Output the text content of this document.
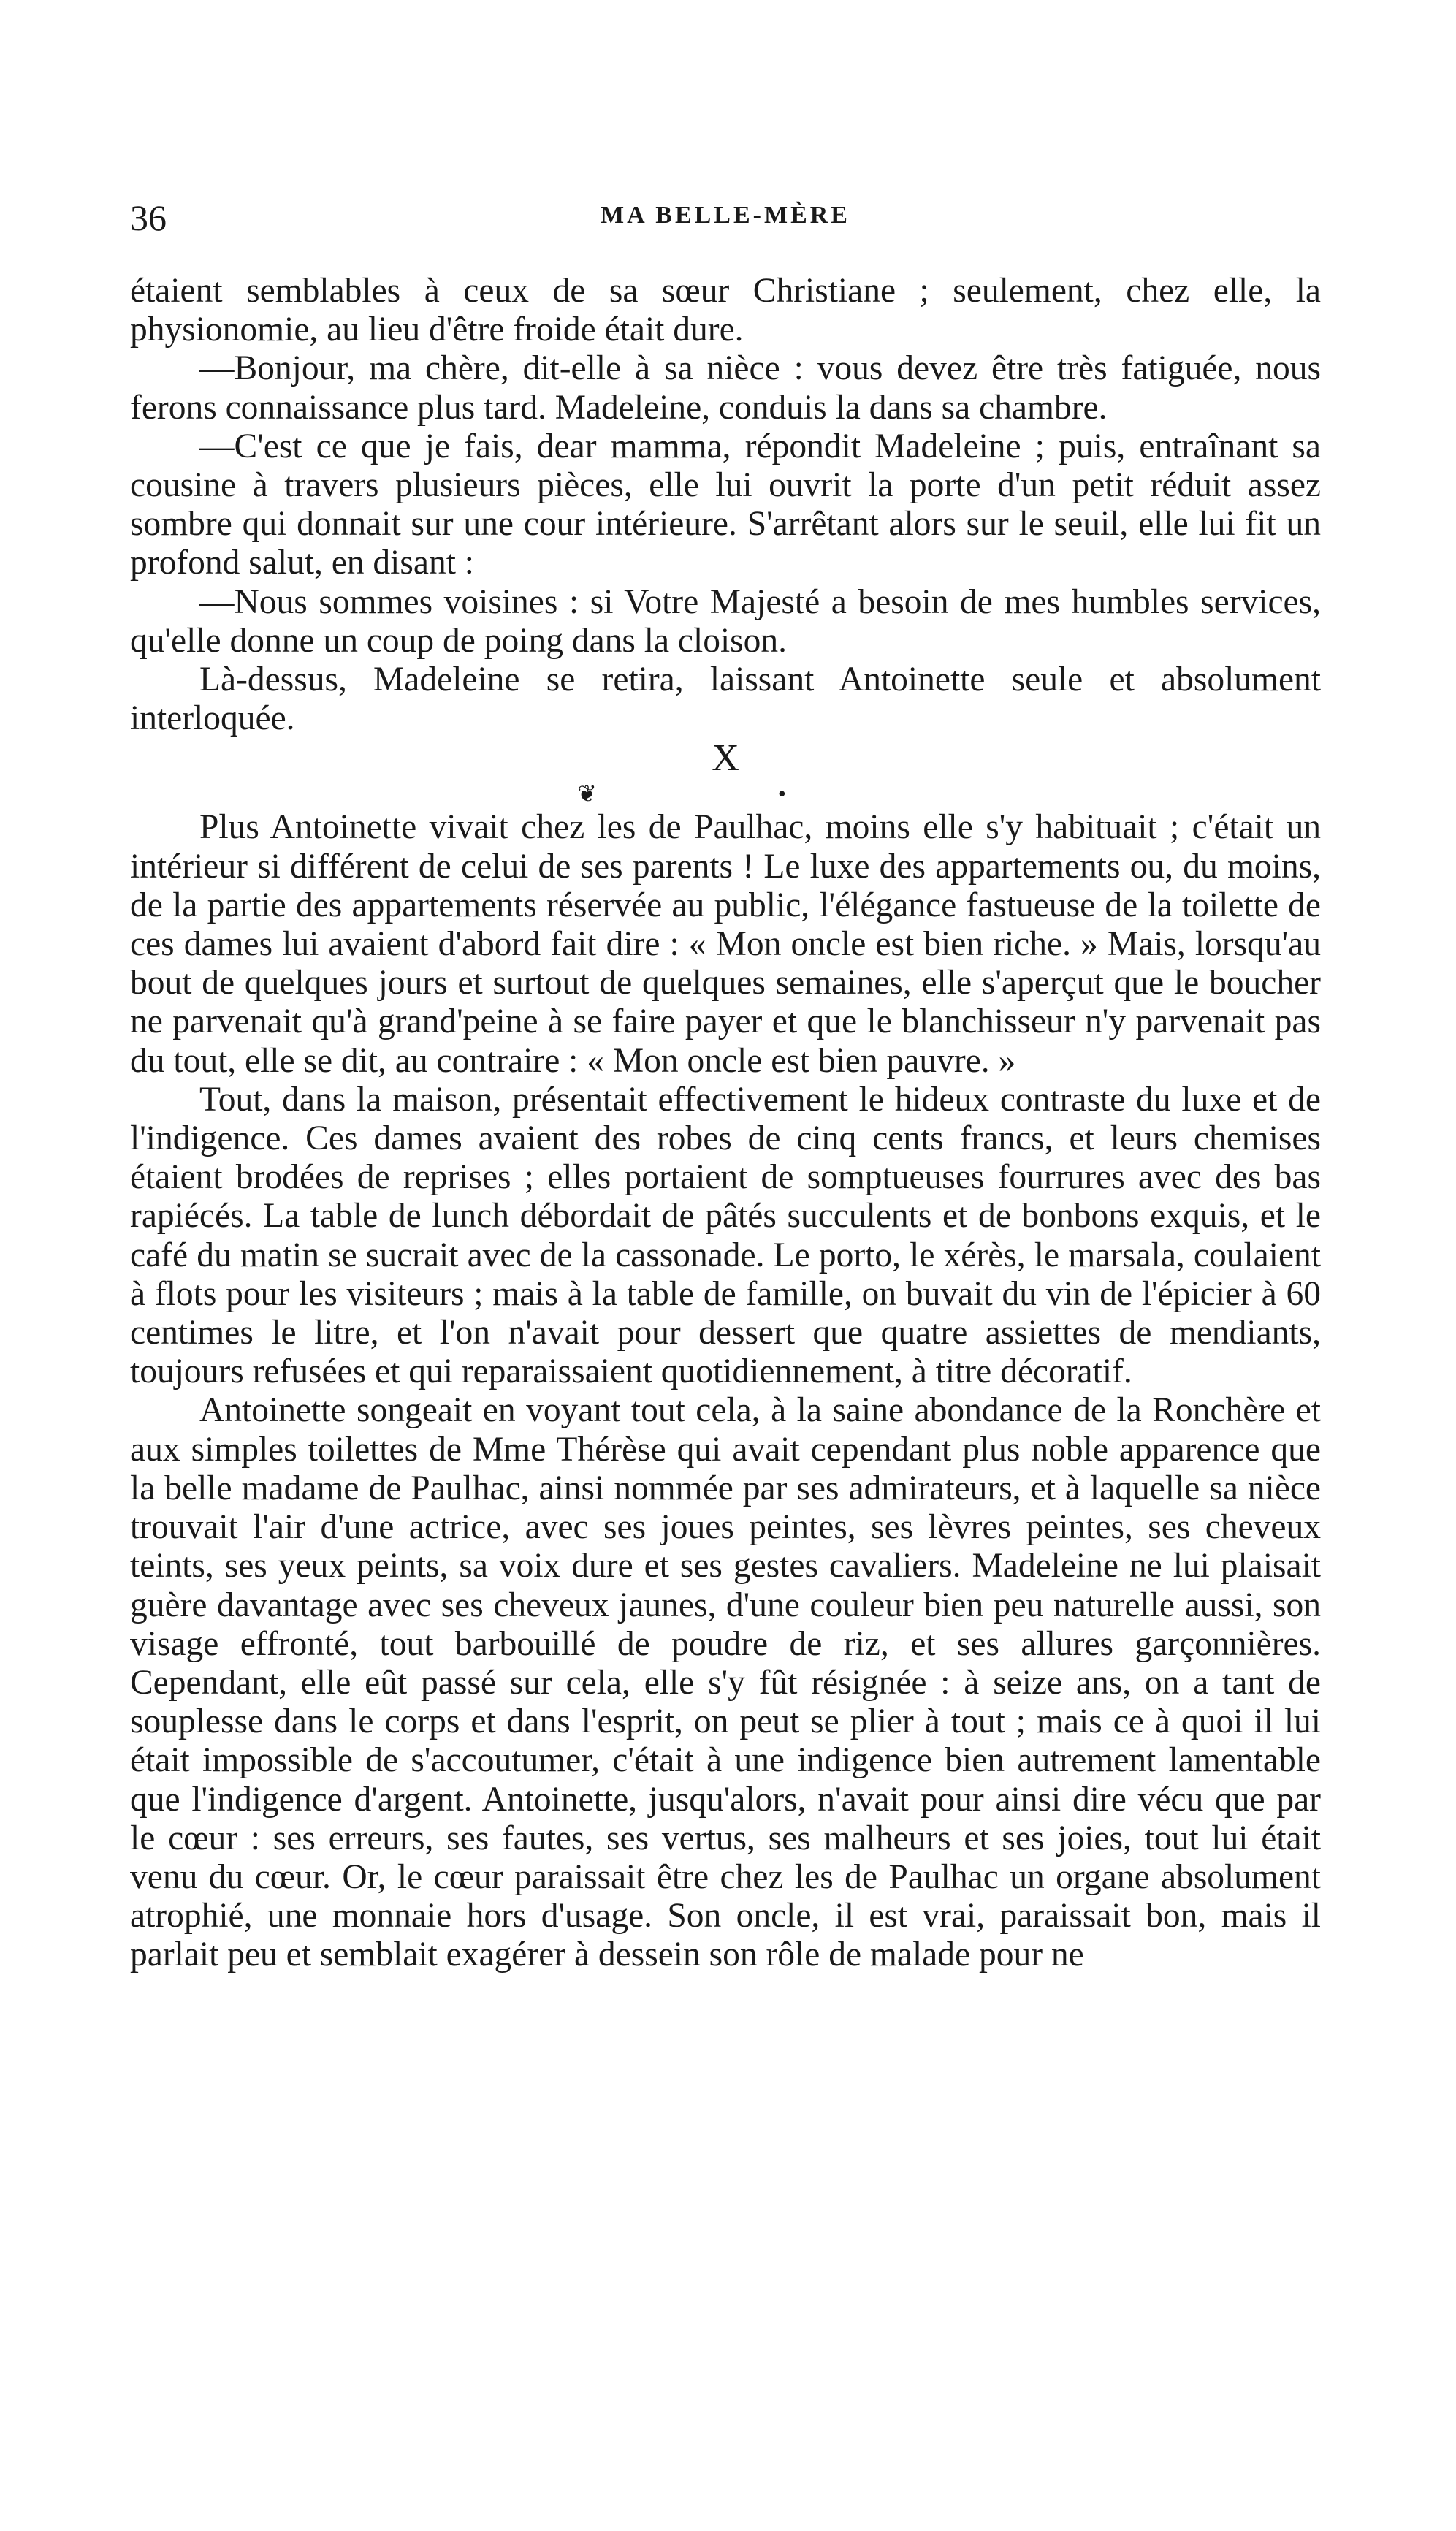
36	MA BELLE-MÈRE

étaient semblables à ceux de sa sœur Christiane ; seulement, chez elle, la physionomie, au lieu d'être froide était dure.

—Bonjour, ma chère, dit-elle à sa nièce : vous devez être très fatiguée, nous ferons connaissance plus tard. Madeleine, conduis la dans sa chambre.

—C'est ce que je fais, dear mamma, répondit Madeleine ; puis, entraînant sa cousine à travers plusieurs pièces, elle lui ouvrit la porte d'un petit réduit assez sombre qui donnait sur une cour intérieure. S'arrêtant alors sur le seuil, elle lui fit un profond salut, en disant :

—Nous sommes voisines : si Votre Majesté a besoin de mes humbles services, qu'elle donne un coup de poing dans la cloison.

Là-dessus, Madeleine se retira, laissant Antoinette seule et absolument interloquée.

X

❦ •

Plus Antoinette vivait chez les de Paulhac, moins elle s'y habituait ; c'était un intérieur si différent de celui de ses parents ! Le luxe des appartements ou, du moins, de la partie des appartements réservée au public, l'élégance fastueuse de la toilette de ces dames lui avaient d'abord fait dire : « Mon oncle est bien riche. » Mais, lorsqu'au bout de quelques jours et surtout de quelques semaines, elle s'aperçut que le boucher ne parvenait qu'à grand'peine à se faire payer et que le blanchisseur n'y parvenait pas du tout, elle se dit, au contraire : « Mon oncle est bien pauvre. »

Tout, dans la maison, présentait effectivement le hideux contraste du luxe et de l'indigence. Ces dames avaient des robes de cinq cents francs, et leurs chemises étaient brodées de reprises ; elles portaient de somptueuses fourrures avec des bas rapiécés. La table de lunch débordait de pâtés succulents et de bonbons exquis, et le café du matin se sucrait avec de la cassonade. Le porto, le xérès, le marsala, coulaient à flots pour les visiteurs ; mais à la table de famille, on buvait du vin de l'épicier à 60 centimes le litre, et l'on n'avait pour dessert que quatre assiettes de mendiants, toujours refusées et qui reparaissaient quotidiennement, à titre décoratif.

Antoinette songeait en voyant tout cela, à la saine abondance de la Ronchère et aux simples toilettes de Mme Thérèse qui avait cependant plus noble apparence que la belle madame de Paulhac, ainsi nommée par ses admirateurs, et à laquelle sa nièce trouvait l'air d'une actrice, avec ses joues peintes, ses lèvres peintes, ses cheveux teints, ses yeux peints, sa voix dure et ses gestes cavaliers. Madeleine ne lui plaisait guère davantage avec ses cheveux jaunes, d'une couleur bien peu naturelle aussi, son visage effronté, tout barbouillé de poudre de riz, et ses allures garçonnières. Cependant, elle eût passé sur cela, elle s'y fût résignée : à seize ans, on a tant de souplesse dans le corps et dans l'esprit, on peut se plier à tout ; mais ce à quoi il lui était impossible de s'accoutumer, c'était à une indigence bien autrement lamentable que l'indigence d'argent. Antoinette, jusqu'alors, n'avait pour ainsi dire vécu que par le cœur : ses erreurs, ses fautes, ses vertus, ses malheurs et ses joies, tout lui était venu du cœur. Or, le cœur paraissait être chez les de Paulhac un organe absolument atrophié, une monnaie hors d'usage. Son oncle, il est vrai, paraissait bon, mais il parlait peu et semblait exagérer à dessein son rôle de malade pour ne
